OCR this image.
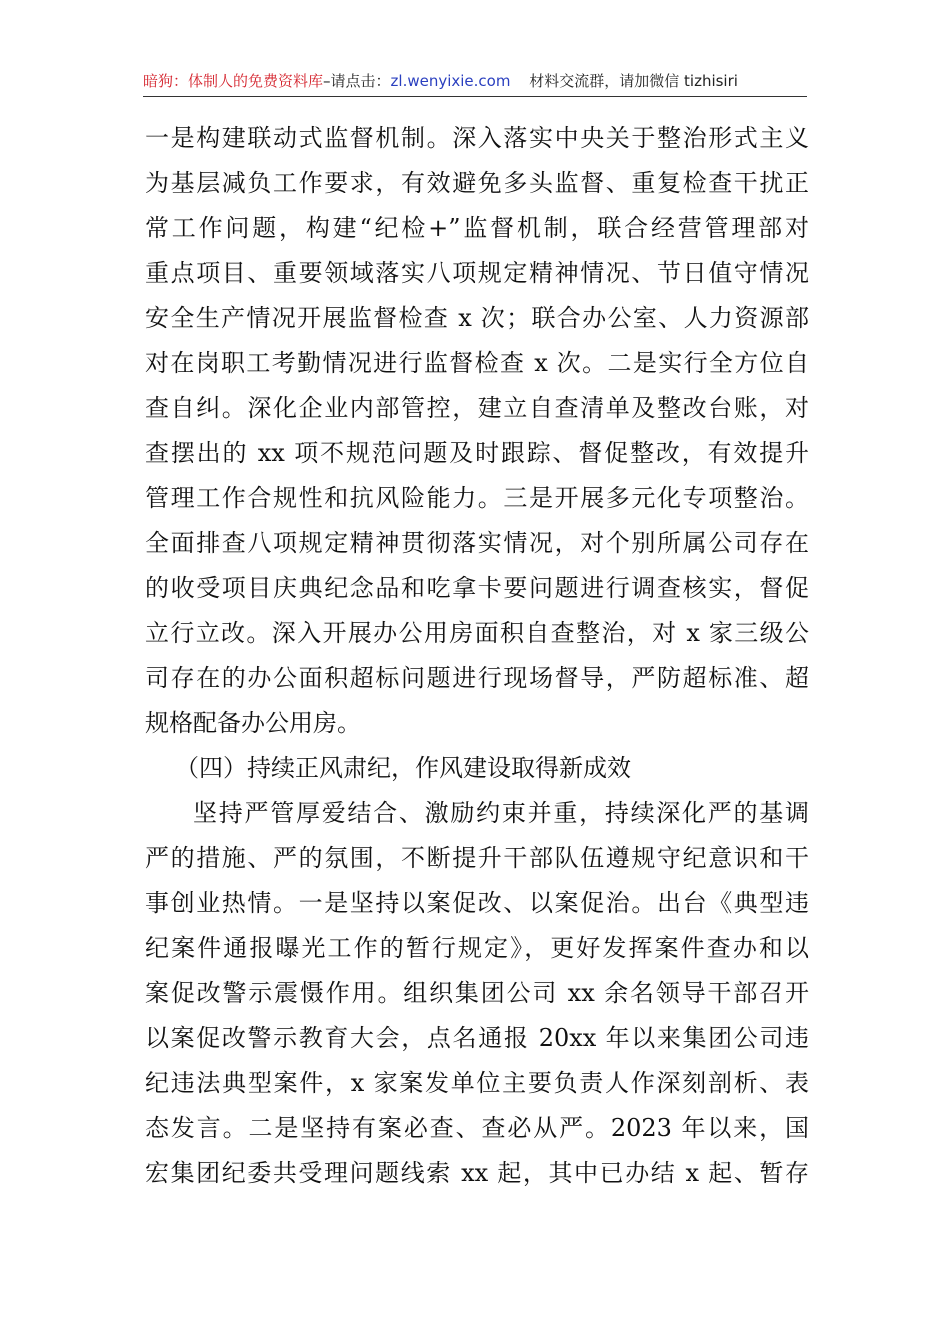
暗狗：体制人的免费资料库–请点击：zl.wenyixie.com 材料交流群，请加微信 tizhisiri
一是构建联动式监督机制。深入落实中央关于整治形式主义
为基层减负工作要求，有效避免多头监督、重复检查干扰正
常工作问题，构建“纪检+”监督机制，联合经营管理部对
重点项目、重要领域落实八项规定精神情况、节日值守情况
安全生产情况开展监督检查 x 次；联合办公室、人力资源部
对在岗职工考勤情况进行监督检查 x 次。二是实行全方位自
查自纠。深化企业内部管控，建立自查清单及整改台账，对
查摆出的 xx 项不规范问题及时跟踪、督促整改，有效提升
管理工作合规性和抗风险能力。三是开展多元化专项整治。
全面排查八项规定精神贯彻落实情况，对个别所属公司存在
的收受项目庆典纪念品和吃拿卡要问题进行调查核实，督促
立行立改。深入开展办公用房面积自查整治，对 x 家三级公
司存在的办公面积超标问题进行现场督导，严防超标准、超
规格配备办公用房。
（四）持续正风肃纪，作风建设取得新成效
坚持严管厚爱结合、激励约束并重，持续深化严的基调
严的措施、严的氛围，不断提升干部队伍遵规守纪意识和干
事创业热情。一是坚持以案促改、以案促治。出台《典型违
纪案件通报曝光工作的暂行规定》，更好发挥案件查办和以
案促改警示震慑作用。组织集团公司 xx 余名领导干部召开
以案促改警示教育大会，点名通报 20xx 年以来集团公司违
纪违法典型案件，x 家案发单位主要负责人作深刻剖析、表
态发言。二是坚持有案必查、查必从严。2023 年以来，国
宏集团纪委共受理问题线索 xx 起，其中已办结 x 起、暂存
